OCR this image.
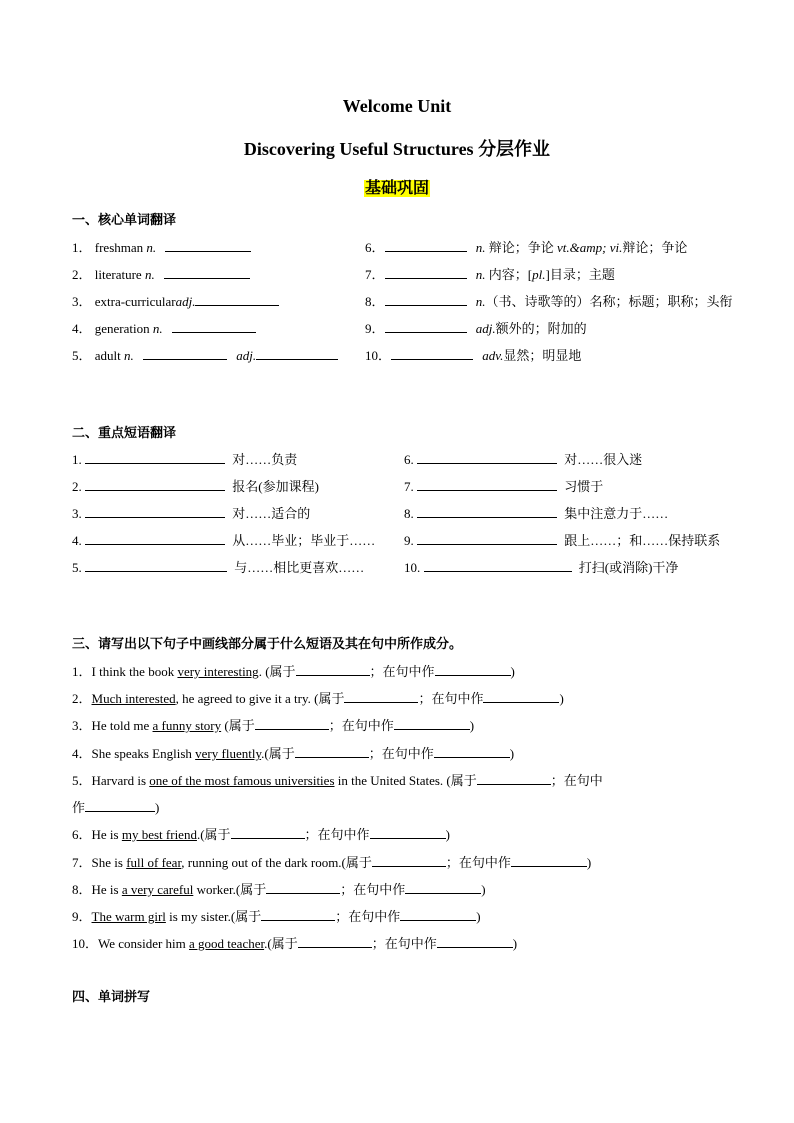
Welcome Unit
Discovering Useful Structures 分层作业
基础巩固
一、核心单词翻译
1． freshman n.
2． literature n.
3． extra-curricularadj.
4． generation n.
5． adult n.	adj.
6．	n. 辩论；争论 vt.&amp; vi.辩论；争论
7．	n. 内容；[pl.]目录；主题
8．	n.（书、诗歌等的）名称；标题；职称；头衔
9．	adj.额外的；附加的
10．	adv.显然；明显地
二、重点短语翻译
1.	对……负责
2.	报名(参加课程)
3.	对……适合的
4.	从……毕业；毕业于……
5.	与……相比更喜欢……
6.	对……很入迷
7.	习惯于
8.	集中注意力于……
9.	跟上……；和……保持联系
10.	打扫(或消除)干净
三、请写出以下句子中画线部分属于什么短语及其在句中所作成分。
1．I think the book very interesting. (属于	；在句中作	)
2．Much interested, he agreed to give it a try. (属于	；在句中作	)
3．He told me a funny story (属于	；在句中作	)
4．She speaks English very fluently.(属于	；在句中作	)
5．Harvard is one of the most famous universities in the United States. (属于	；在句中
作	)
6．He is my best friend.(属于	；在句中作	)
7．She is full of fear, running out of the dark room.(属于	；在句中作	)
8．He is a very careful worker.(属于	；在句中作	)
9．The warm girl is my sister.(属于	；在句中作	)
10．We consider him a good teacher.(属于	；在句中作	)
四、单词拼写
